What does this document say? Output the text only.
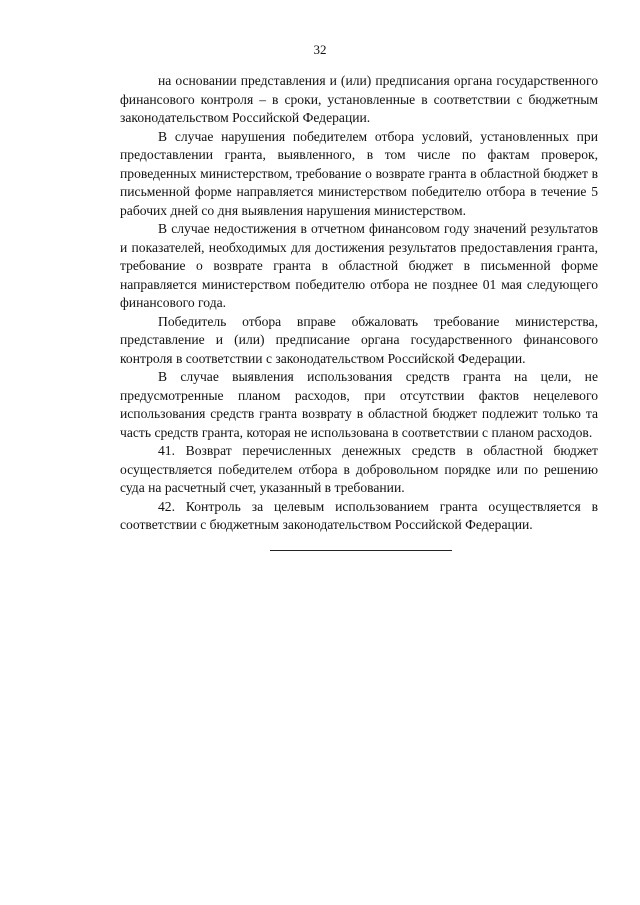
32

на основании представления и (или) предписания органа государственного финансового контроля – в сроки, установленные в соответствии с бюджетным законодательством Российской Федерации.

В случае нарушения победителем отбора условий, установленных при предоставлении гранта, выявленного, в том числе по фактам проверок, проведенных министерством, требование о возврате гранта в областной бюджет в письменной форме направляется министерством победителю отбора в течение 5 рабочих дней со дня выявления нарушения министерством.

В случае недостижения в отчетном финансовом году значений результатов и показателей, необходимых для достижения результатов предоставления гранта, требование о возврате гранта в областной бюджет в письменной форме направляется министерством победителю отбора не позднее 01 мая следующего финансового года.

Победитель отбора вправе обжаловать требование министерства, представление и (или) предписание органа государственного финансового контроля в соответствии с законодательством Российской Федерации.

В случае выявления использования средств гранта на цели, не предусмотренные планом расходов, при отсутствии фактов нецелевого использования средств гранта возврату в областной бюджет подлежит только та часть средств гранта, которая не использована в соответствии с планом расходов.

41. Возврат перечисленных денежных средств в областной бюджет осуществляется победителем отбора в добровольном порядке или по решению суда на расчетный счет, указанный в требовании.

42. Контроль за целевым использованием гранта осуществляется в соответствии с бюджетным законодательством Российской Федерации.
